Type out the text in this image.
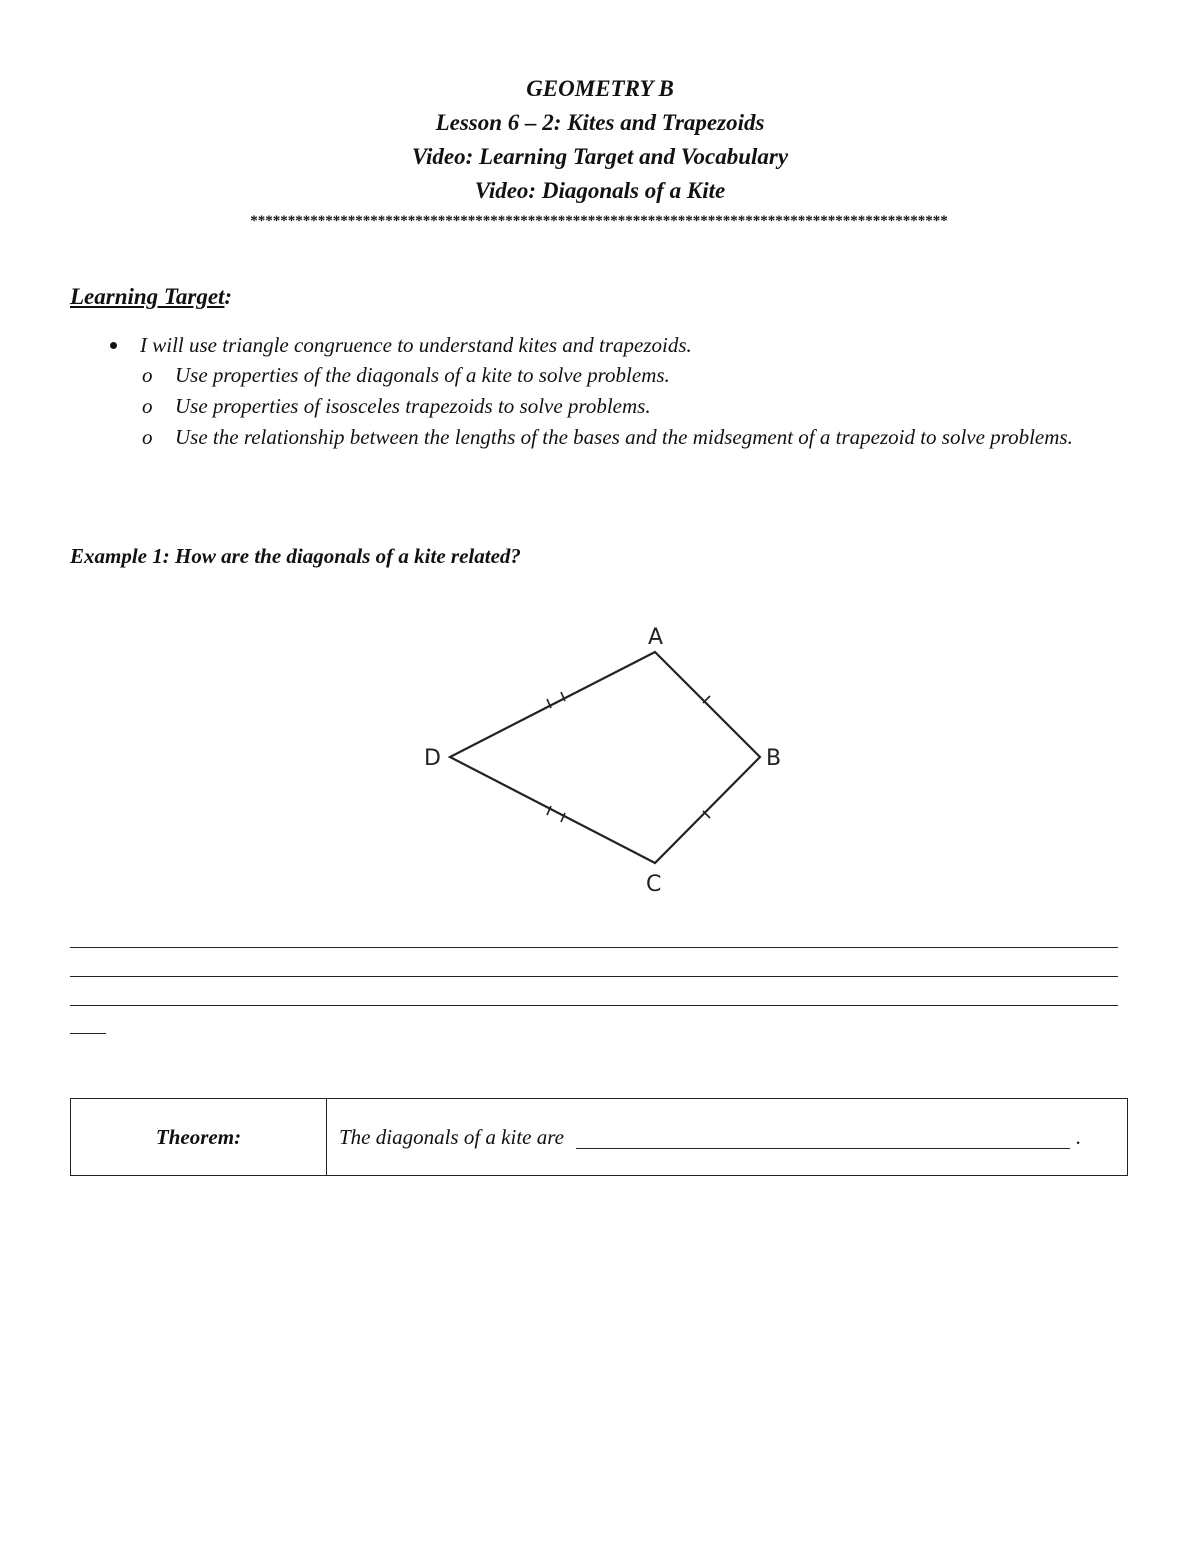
GEOMETRY B
Lesson 6 – 2: Kites and Trapezoids
Video: Learning Target and Vocabulary
Video: Diagonals of a Kite
*********************************************************************************************
Learning Target:
I will use triangle congruence to understand kites and trapezoids.
o Use properties of the diagonals of a kite to solve problems.
o Use properties of isosceles trapezoids to solve problems.
o Use the relationship between the lengths of the bases and the midsegment of a trapezoid to solve problems.
Example 1: How are the diagonals of a kite related?
A
B
C
D
Theorem:	The diagonals of a kite are	.
